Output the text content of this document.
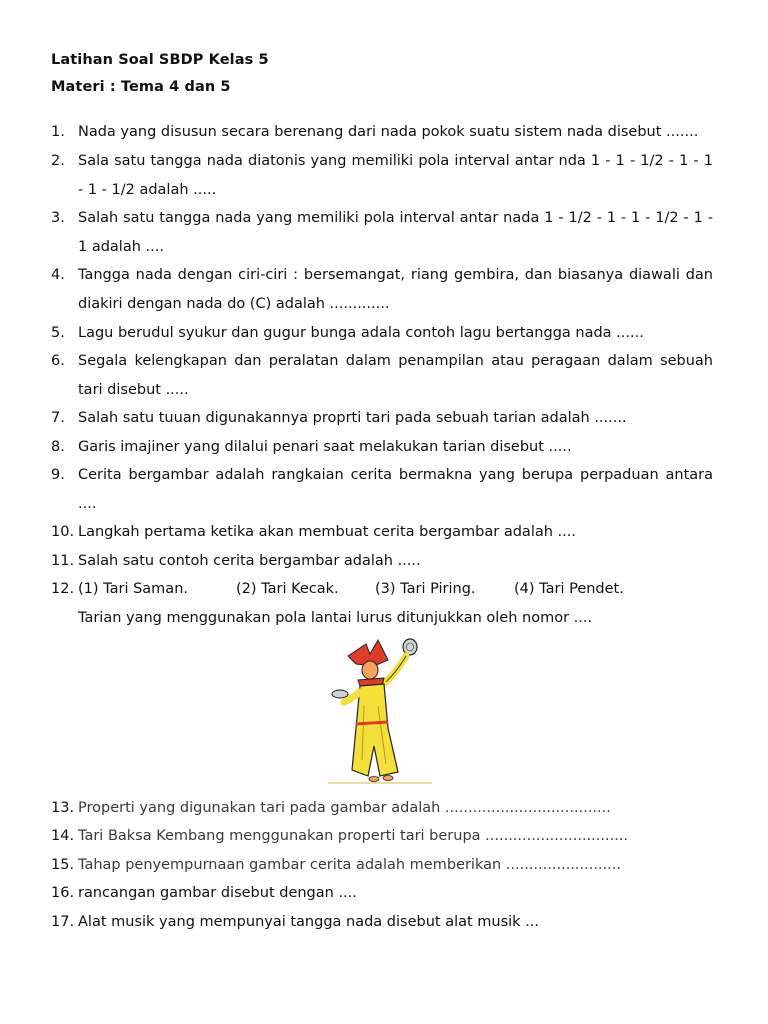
Latihan Soal SBDP Kelas 5
Materi : Tema 4 dan 5
1. Nada yang disusun secara berenang dari nada pokok suatu sistem nada disebut .......
2. Sala satu tangga nada diatonis yang memiliki pola interval antar nda 1 - 1 - 1/2 - 1 - 1 - 1 - 1/2 adalah .....
3. Salah satu tangga nada yang memiliki pola interval antar nada 1 - 1/2 - 1 - 1 - 1/2 - 1 - 1 adalah ....
4. Tangga nada dengan ciri-ciri : bersemangat, riang gembira, dan biasanya diawali dan diakiri dengan nada do (C) adalah .............
5. Lagu berudul syukur dan gugur bunga adala contoh lagu bertangga nada ......
6. Segala kelengkapan dan peralatan dalam penampilan atau peragaan dalam sebuah tari disebut .....
7. Salah satu tuuan digunakannya proprti tari pada sebuah tarian adalah .......
8. Garis imajiner yang dilalui penari saat melakukan tarian disebut .....
9. Cerita bergambar adalah rangkaian cerita bermakna yang berupa perpaduan antara ....
10. Langkah pertama ketika akan membuat cerita bergambar adalah ....
11. Salah satu contoh cerita bergambar adalah .....
12. (1) Tari Saman.	(2) Tari Kecak.	(3) Tari Piring.	(4) Tari Pendet.
Tarian yang menggunakan pola lantai lurus ditunjukkan oleh nomor ....
13. Properti yang digunakan tari pada gambar adalah ....................................
14. Tari Baksa Kembang menggunakan properti tari berupa ...............................
15. Tahap penyempurnaan gambar cerita adalah memberikan .........................
16. rancangan gambar disebut dengan ....
17. Alat musik yang mempunyai tangga nada disebut alat musik ...
